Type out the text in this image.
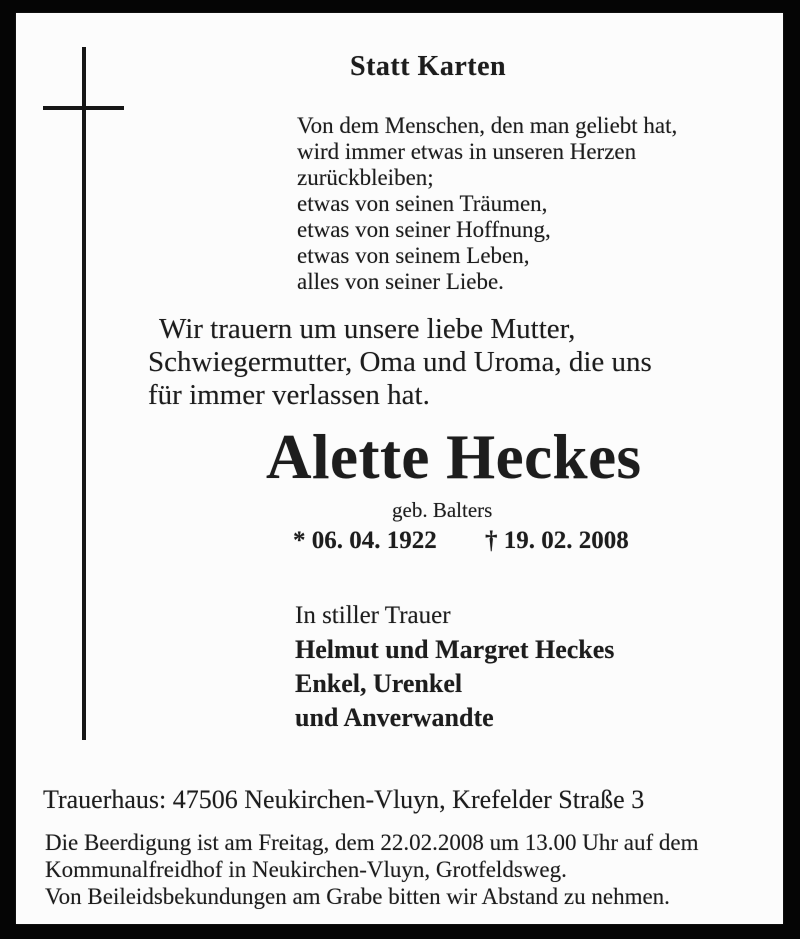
Statt Karten
Von dem Menschen, den man geliebt hat,
wird immer etwas in unseren Herzen
zurückbleiben;
etwas von seinen Träumen,
etwas von seiner Hoffnung,
etwas von seinem Leben,
alles von seiner Liebe.
Wir trauern um unsere liebe Mutter,
Schwiegermutter, Oma und Uroma, die uns
für immer verlassen hat.
Alette Heckes
geb. Balters
* 06. 04. 1922 † 19. 02. 2008
In stiller Trauer
Helmut und Margret Heckes
Enkel, Urenkel
und Anverwandte
Trauerhaus: 47506 Neukirchen-Vluyn, Krefelder Straße 3
Die Beerdigung ist am Freitag, dem 22.02.2008 um 13.00 Uhr auf dem
Kommunalfreidhof in Neukirchen-Vluyn, Grotfeldsweg.
Von Beileidsbekundungen am Grabe bitten wir Abstand zu nehmen.
